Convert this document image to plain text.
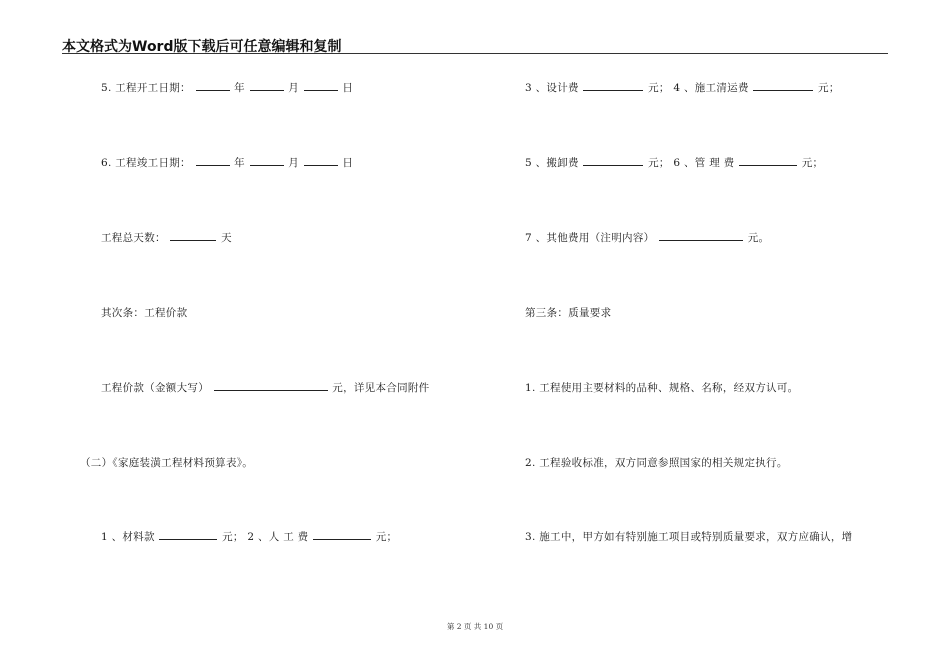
本文格式为Word版下载后可任意编辑和复制
5. 工程开工日期：	年	月	日
6. 工程竣工日期：	年	月	日
工程总天数：	天
其次条：工程价款
工程价款（金额大写）	元，详见本合同附件
（二）《家庭装潢工程材料预算表》。
1 、材料款	元； 2 、人 工 费	元；
3 、设计费	元； 4 、施工清运费	元；
5 、搬卸费	元； 6 、管 理 费	元；
7 、其他费用（注明内容）	元。
第三条：质量要求
1. 工程使用主要材料的品种、规格、名称，经双方认可。
2. 工程验收标准，双方同意参照国家的相关规定执行。
3. 施工中，甲方如有特别施工项目或特别质量要求，双方应确认，增
第 2 页 共 10 页
